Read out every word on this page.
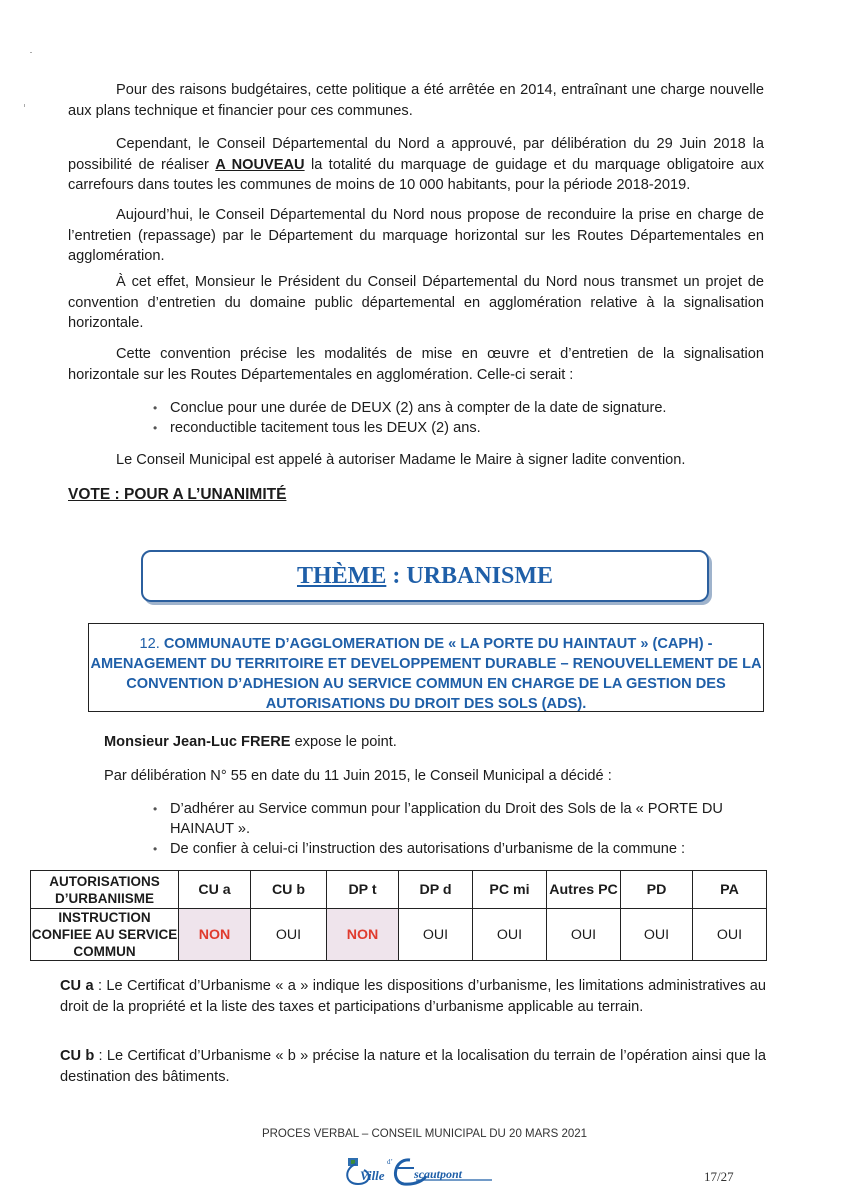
Pour des raisons budgétaires, cette politique a été arrêtée en 2014, entraînant une charge nouvelle aux plans technique et financier pour ces communes.

Cependant, le Conseil Départemental du Nord a approuvé, par délibération du 29 Juin 2018 la possibilité de réaliser A NOUVEAU la totalité du marquage de guidage et du marquage obligatoire aux carrefours dans toutes les communes de moins de 10 000 habitants, pour la période 2018-2019.

Aujourd’hui, le Conseil Départemental du Nord nous propose de reconduire la prise en charge de l’entretien (repassage) par le Département du marquage horizontal sur les Routes Départementales en agglomération.

À cet effet, Monsieur le Président du Conseil Départemental du Nord nous transmet un projet de convention d’entretien du domaine public départemental en agglomération relative à la signalisation horizontale.

Cette convention précise les modalités de mise en œuvre et d’entretien de la signalisation horizontale sur les Routes Départementales en agglomération. Celle-ci serait :

• Conclue pour une durée de DEUX (2) ans à compter de la date de signature.
• reconductible tacitement tous les DEUX (2) ans.

Le Conseil Municipal est appelé à autoriser Madame le Maire à signer ladite convention.

VOTE : POUR A L’UNANIMITÉ

THÈME : URBANISME
12. COMMUNAUTE D’AGGLOMERATION DE « LA PORTE DU HAINTAUT » (CAPH) - AMENAGEMENT DU TERRITOIRE ET DEVELOPPEMENT DURABLE – RENOUVELLEMENT DE LA CONVENTION D’ADHESION AU SERVICE COMMUN EN CHARGE DE LA GESTION DES AUTORISATIONS DU DROIT DES SOLS (ADS).

Monsieur Jean-Luc FRERE expose le point.

Par délibération N° 55 en date du 11 Juin 2015, le Conseil Municipal a décidé :

• D’adhérer au Service commun pour l’application du Droit des Sols de la « PORTE DU HAINAUT ».
• De confier à celui-ci l’instruction des autorisations d’urbanisme de la commune :
AUTORISATIONS D’URBANIISME	CU a	CU b	DP t	DP d	PC mi	Autres PC	PD	PA
INSTRUCTION CONFIEE AU SERVICE COMMUN	NON	OUI	NON	OUI	OUI	OUI	OUI	OUI

CU a : Le Certificat d’Urbanisme « a » indique les dispositions d’urbanisme, les limitations administratives au droit de la propriété et la liste des taxes et participations d’urbanisme applicable au terrain.

CU b : Le Certificat d’Urbanisme « b » précise la nature et la localisation du terrain de l’opération ainsi que la destination des bâtiments.

PROCES VERBAL – CONSEIL MUNICIPAL DU 20 MARS 2021
Ville
d’
scautpont	17/27
